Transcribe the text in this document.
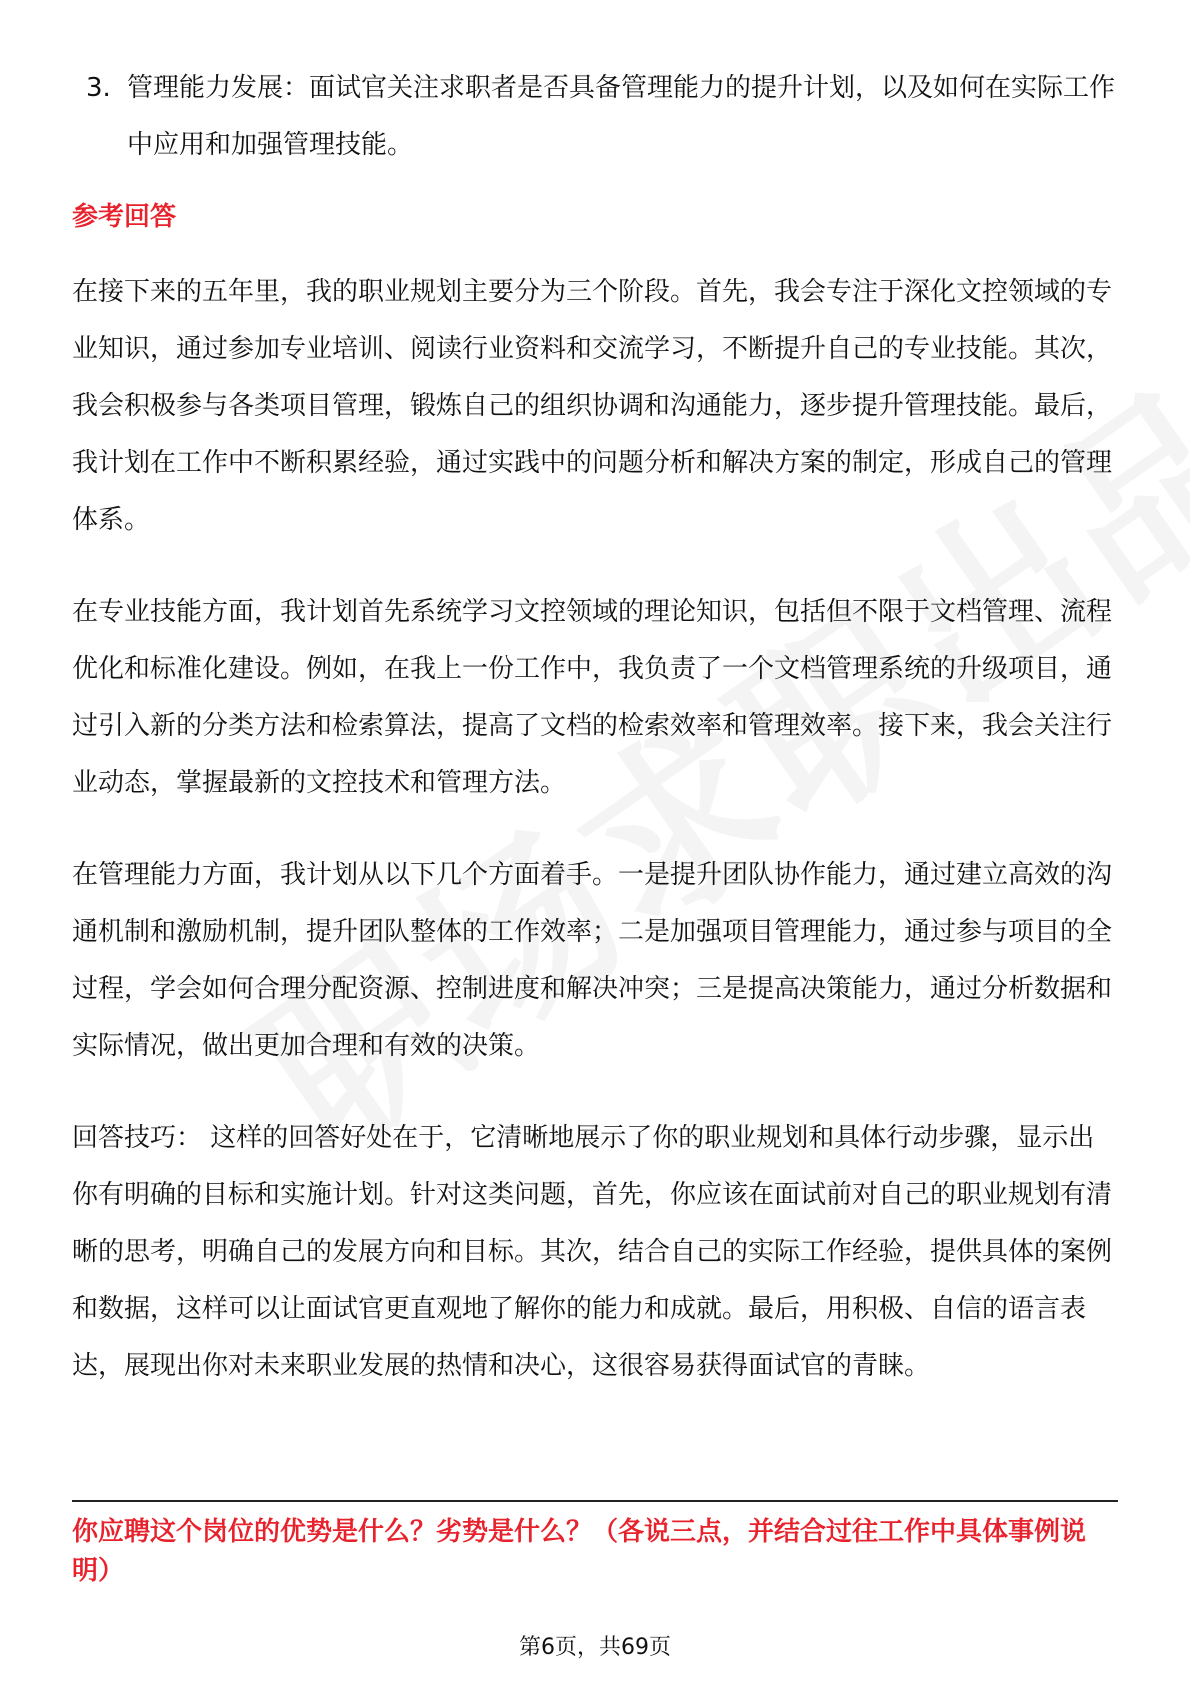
3. 管理能力发展：面试官关注求职者是否具备管理能力的提升计划，以及如何在实际工作中应用和加强管理技能。
参考回答

在接下来的五年里，我的职业规划主要分为三个阶段。首先，我会专注于深化文控领域的专业知识，通过参加专业培训、阅读行业资料和交流学习，不断提升自己的专业技能。其次，我会积极参与各类项目管理，锻炼自己的组织协调和沟通能力，逐步提升管理技能。最后，我计划在工作中不断积累经验，通过实践中的问题分析和解决方案的制定，形成自己的管理体系。

在专业技能方面，我计划首先系统学习文控领域的理论知识，包括但不限于文档管理、流程优化和标准化建设。例如，在我上一份工作中，我负责了一个文档管理系统的升级项目，通过引入新的分类方法和检索算法，提高了文档的检索效率和管理效率。接下来，我会关注行业动态，掌握最新的文控技术和管理方法。

在管理能力方面，我计划从以下几个方面着手。一是提升团队协作能力，通过建立高效的沟通机制和激励机制，提升团队整体的工作效率；二是加强项目管理能力，通过参与项目的全过程，学会如何合理分配资源、控制进度和解决冲突；三是提高决策能力，通过分析数据和实际情况，做出更加合理和有效的决策。

回答技巧： 这样的回答好处在于，它清晰地展示了你的职业规划和具体行动步骤，显示出你有明确的目标和实施计划。针对这类问题，首先，你应该在面试前对自己的职业规划有清晰的思考，明确自己的发展方向和目标。其次，结合自己的实际工作经验，提供具体的案例和数据，这样可以让面试官更直观地了解你的能力和成就。最后，用积极、自信的语言表达，展现出你对未来职业发展的热情和决心，这很容易获得面试官的青睐。

你应聘这个岗位的优势是什么？劣势是什么？（各说三点，并结合过往工作中具体事例说明）

第6页，共69页
